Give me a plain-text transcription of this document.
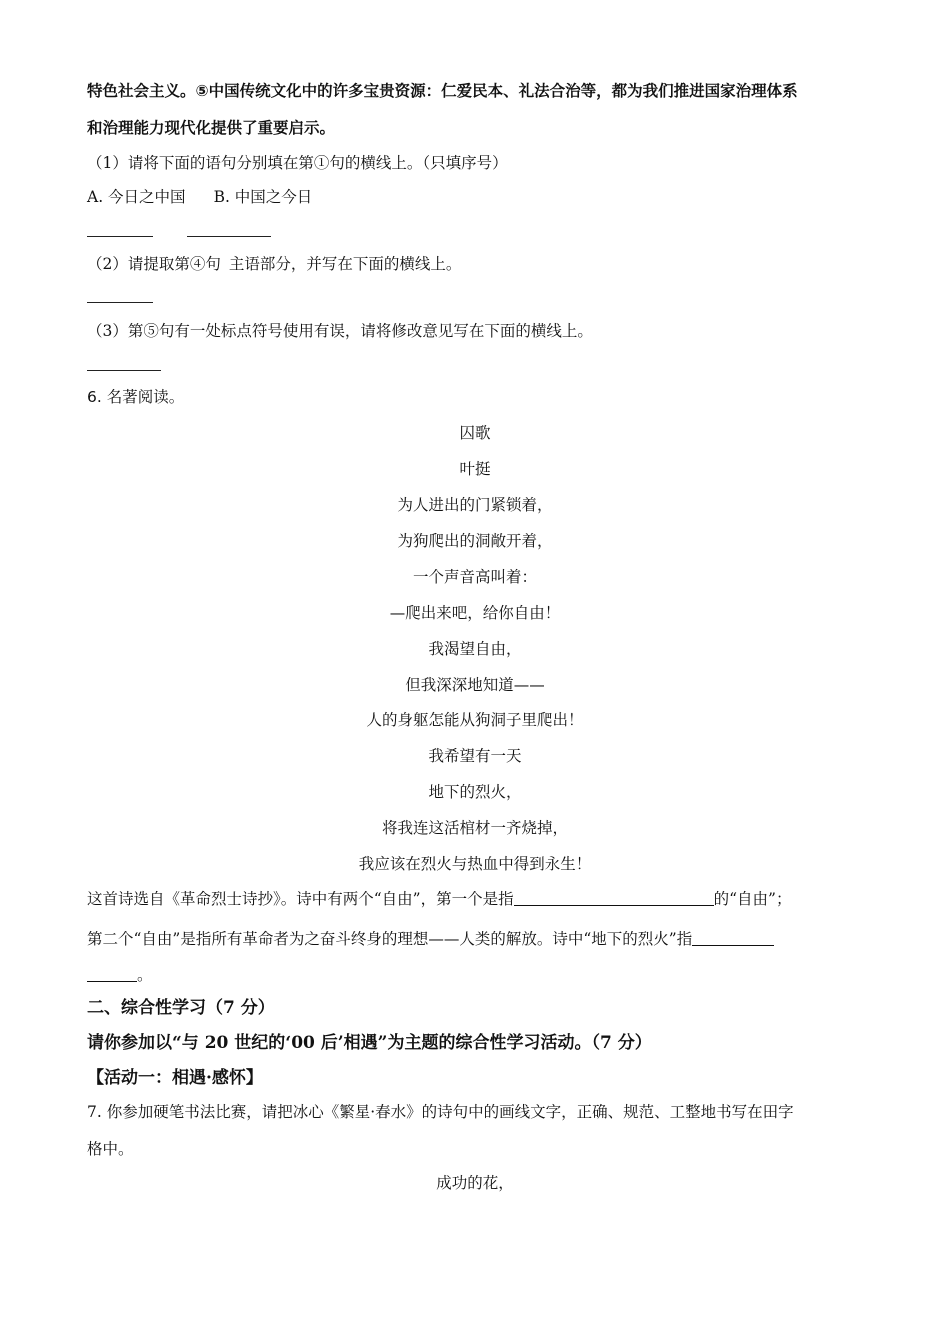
特色社会主义。⑤中国传统文化中的许多宝贵资源：仁爱民本、礼法合治等，都为我们推进国家治理体系
和治理能力现代化提供了重要启示。
（1）请将下面的语句分别填在第①句的横线上。（只填序号）
A. 今日之中国 B. 中国之今日
（2）请提取第④句 主语部分，并写在下面的横线上。
（3）第⑤句有一处标点符号使用有误，请将修改意见写在下面的横线上。
6. 名著阅读。
囚歌
叶挺
为人进出的门紧锁着，
为狗爬出的洞敞开着，
一个声音高叫着：
—爬出来吧，给你自由！
我渴望自由，
但我深深地知道——
人的身躯怎能从狗洞子里爬出！
我希望有一天
地下的烈火，
将我连这活棺材一齐烧掉，
我应该在烈火与热血中得到永生！
这首诗选自《革命烈士诗抄》。诗中有两个“自由”，第一个是指	的“自由”；
第二个“自由”是指所有革命者为之奋斗终身的理想——人类的解放。诗中“地下的烈火”指
。
二、综合性学习（7 分）
请你参加以“与 20 世纪的‘00 后’相遇”为主题的综合性学习活动。（7 分）
【活动一：相遇·感怀】
7. 你参加硬笔书法比赛，请把冰心《繁星·春水》的诗句中的画线文字，正确、规范、工整地书写在田字
格中。
成功的花，
